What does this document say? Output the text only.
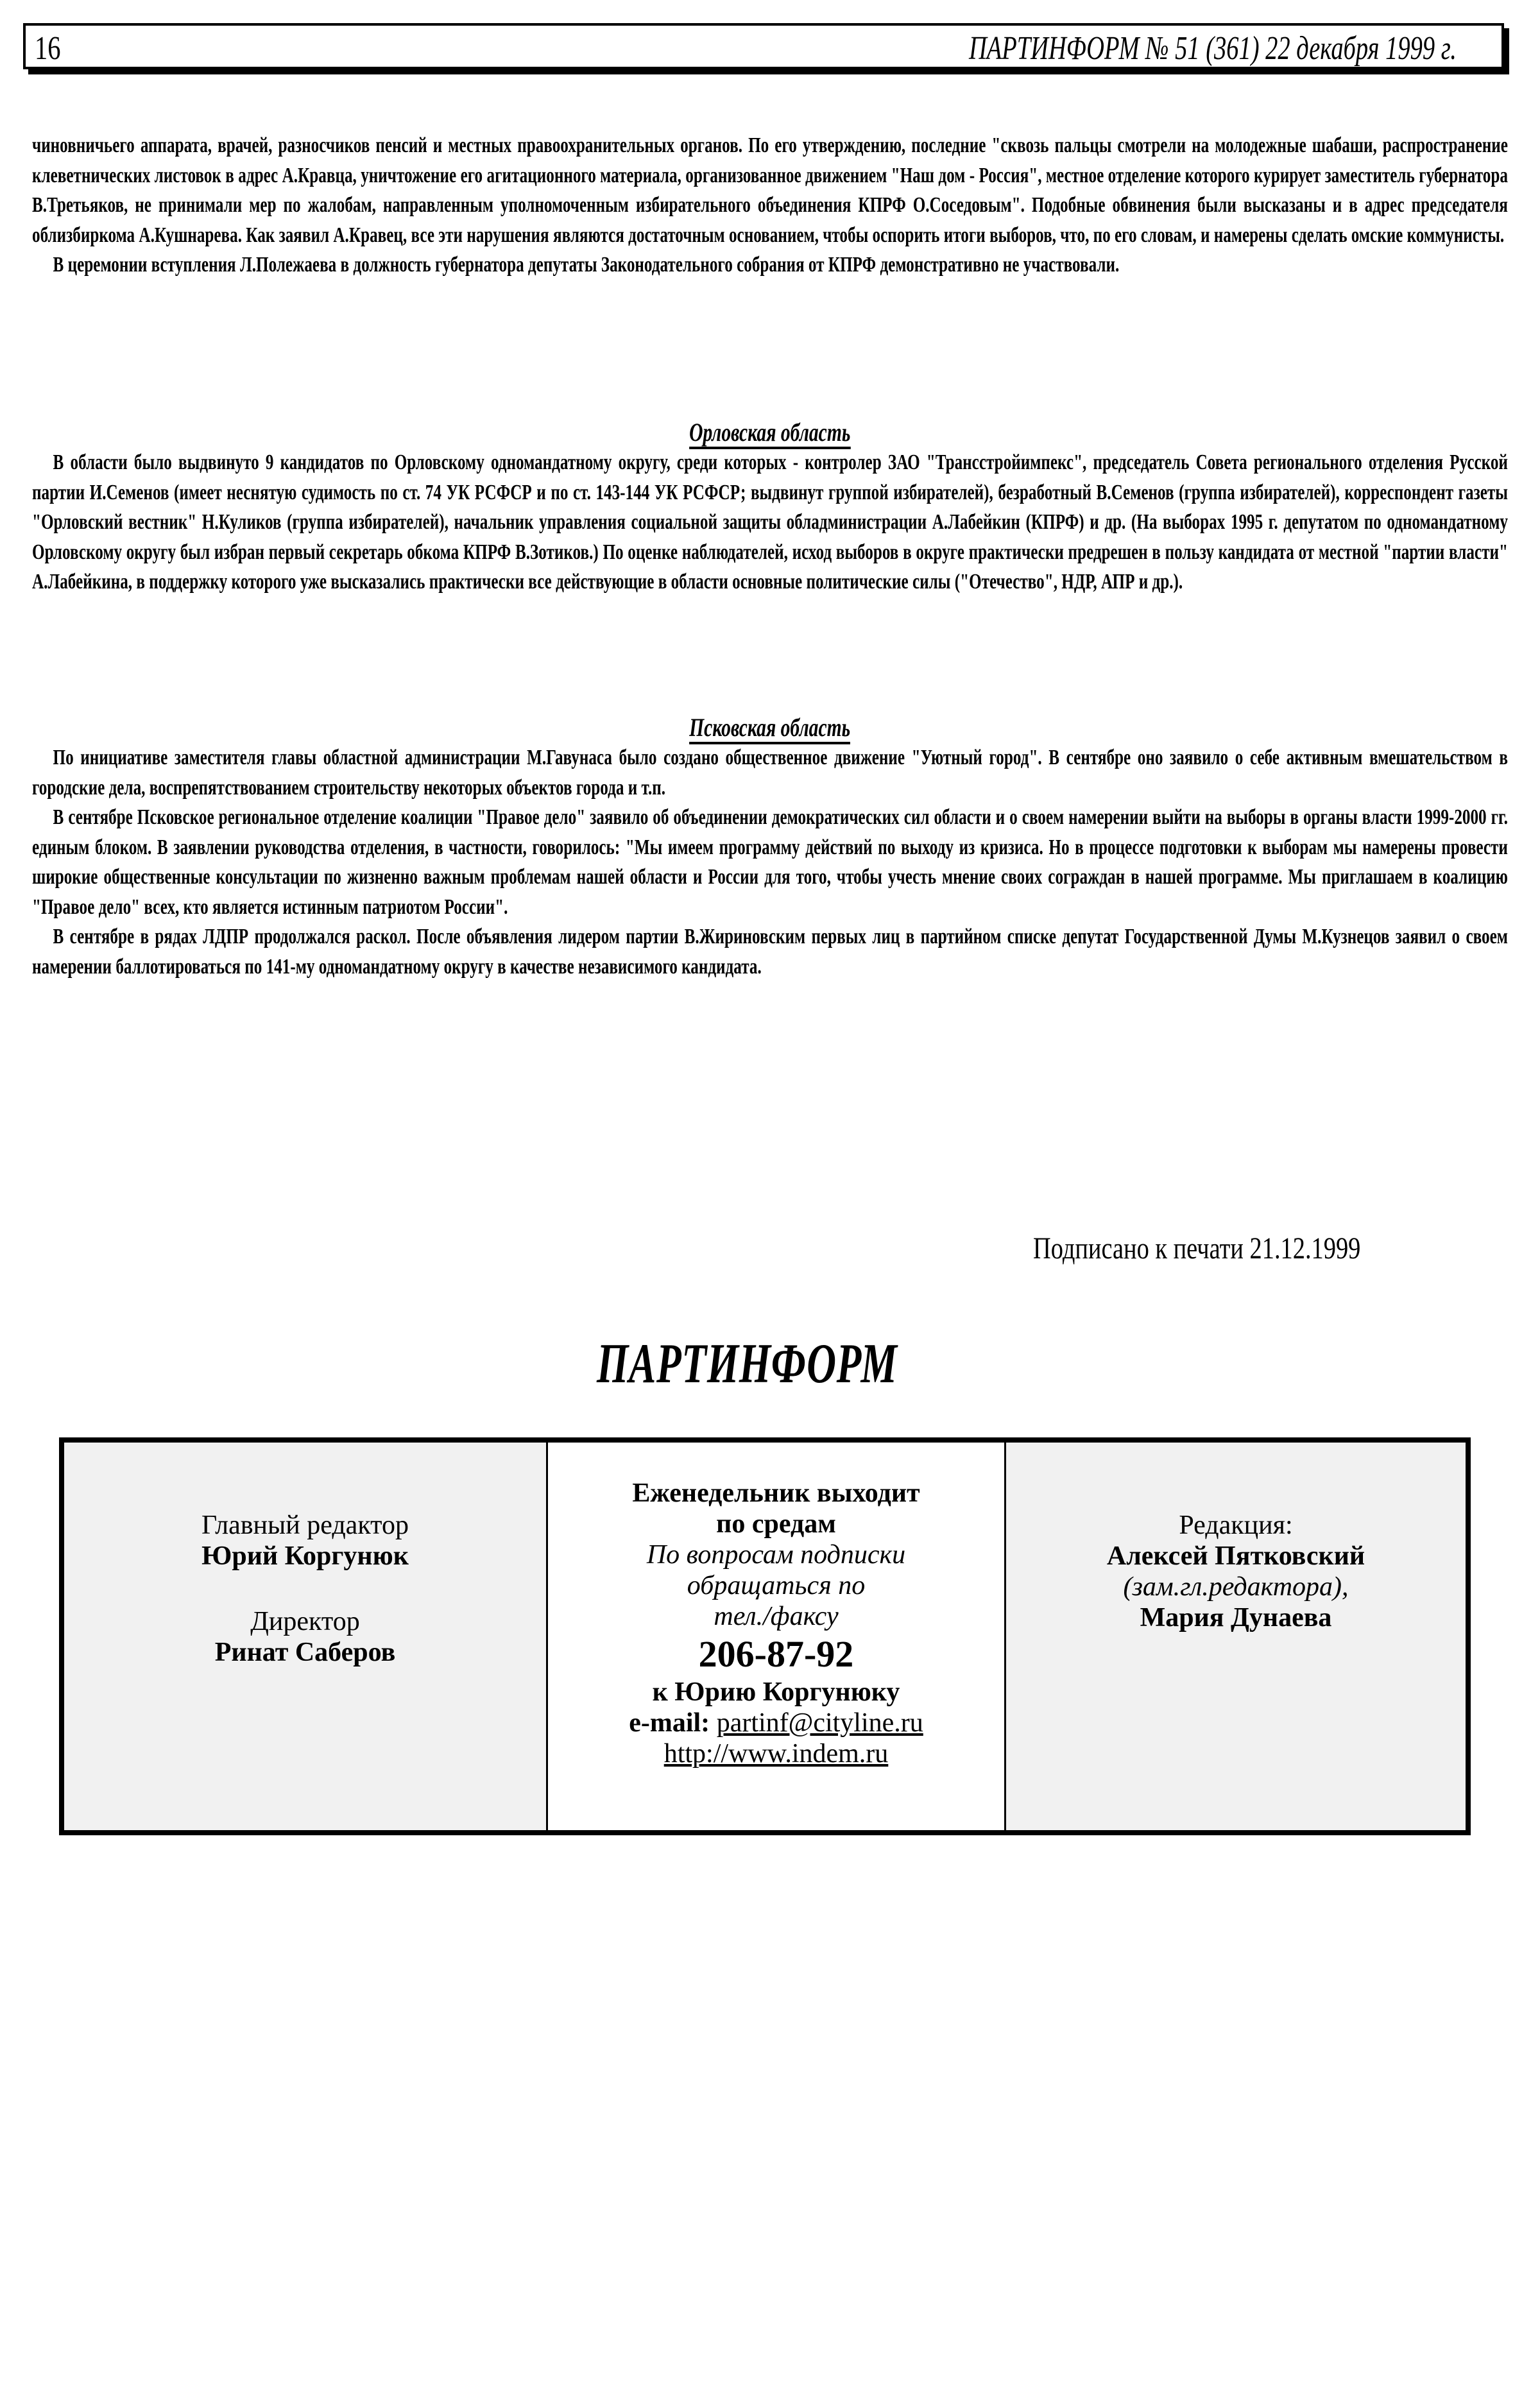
16	ПАРТИНФОРМ № 51 (361) 22 декабря 1999 г.

чиновничьего аппарата, врачей, разносчиков пенсий и местных правоохранительных органов. По его утверждению, последние "сквозь пальцы смотрели на молодежные шабаши, распространение клеветнических листовок в адрес А.Кравца, уничтожение его агитационного материала, организованное движением "Наш дом - Россия", местное отделение которого курирует заместитель губернатора В.Третьяков, не принимали мер по жалобам, направленным уполномоченным избирательного объединения КПРФ О.Соседовым". Подобные обвинения были высказаны и в адрес председателя облизбиркома А.Кушнарева. Как заявил А.Кравец, все эти нарушения являются достаточным основанием, чтобы оспорить итоги выборов, что, по его словам, и намерены сделать омские коммунисты.

В церемонии вступления Л.Полежаева в должность губернатора депутаты Законодательного собрания от КПРФ демонстративно не участвовали.

Орловская область

В области было выдвинуто 9 кандидатов по Орловскому одномандатному округу, среди которых - контролер ЗАО "Трансстройимпекс", председатель Совета регионального отделения Русской партии И.Семенов (имеет неснятую судимость по ст. 74 УК РСФСР и по ст. 143-144 УК РСФСР; выдвинут группой избирателей), безработный В.Семенов (группа избирателей), корреспондент газеты "Орловский вестник" Н.Куликов (группа избирателей), начальник управления социальной защиты обладминистрации А.Лабейкин (КПРФ) и др. (На выборах 1995 г. депутатом по одномандатному Орловскому округу был избран первый секретарь обкома КПРФ В.Зотиков.) По оценке наблюдателей, исход выборов в округе практически предрешен в пользу кандидата от местной "партии власти" А.Лабейкина, в поддержку которого уже высказались практически все действующие в области основные политические силы ("Отечество", НДР, АПР и др.).

Псковская область

По инициативе заместителя главы областной администрации М.Гавунаса было создано общественное движение "Уютный город". В сентябре оно заявило о себе активным вмешательством в городские дела, воспрепятствованием строительству некоторых объектов города и т.п.

В сентябре Псковское региональное отделение коалиции "Правое дело" заявило об объединении демократических сил области и о своем намерении выйти на выборы в органы власти 1999-2000 гг. единым блоком. В заявлении руководства отделения, в частности, говорилось: "Мы имеем программу действий по выходу из кризиса. Но в процессе подготовки к выборам мы намерены провести широкие общественные консультации по жизненно важным проблемам нашей области и России для того, чтобы учесть мнение своих сограждан в нашей программе. Мы приглашаем в коалицию "Правое дело" всех, кто является истинным патриотом России".

В сентябре в рядах ЛДПР продолжался раскол. После объявления лидером партии В.Жириновским первых лиц в партийном списке депутат Государственной Думы М.Кузнецов заявил о своем намерении баллотироваться по 141-му одномандатному округу в качестве независимого кандидата.

Подписано к печати 21.12.1999
ПАРТИНФОРМ
Главный редактор
Юрий Коргунюк
Директор
Ринат Саберов
Еженедельник выходит
по средам
По вопросам подписки
обращаться по
тел./факсу
206-87-92
к Юрию Коргунюку
e-mail: partinf@cityline.ru
http://www.indem.ru
Редакция:
Алексей Пятковский
(зам.гл.редактора),
Мария Дунаева
